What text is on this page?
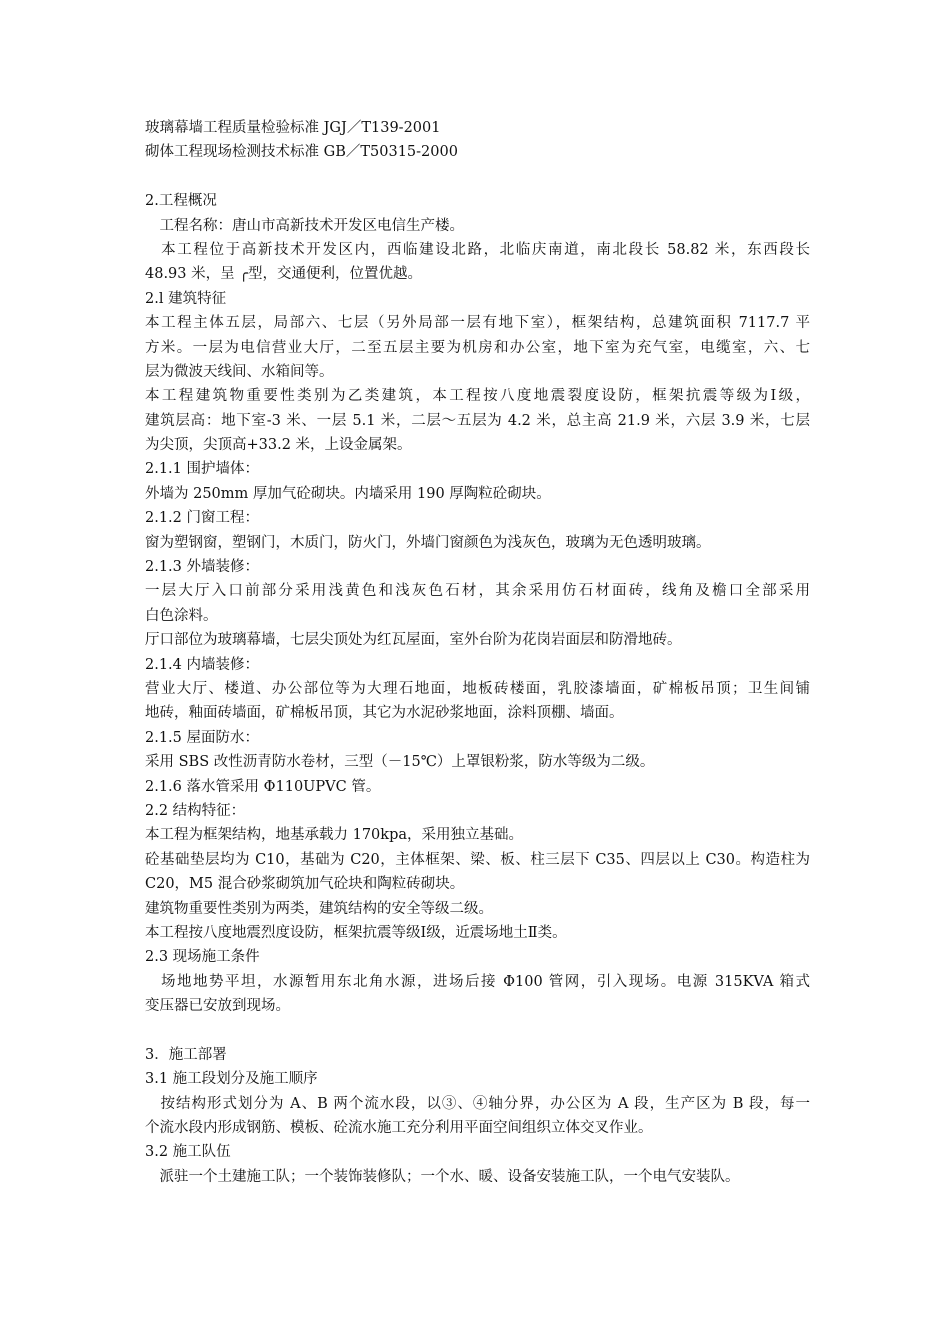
玻璃幕墙工程质量检验标准 JGJ／T139-2001
砌体工程现场检测技术标准 GB／T50315-2000
2.工程概况
　工程名称：唐山市高新技术开发区电信生产楼。
　本工程位于高新技术开发区内，西临建设北路，北临庆南道，南北段长 58.82 米，东西段长
48.93 米，呈 ╭型，交通便利，位置优越。
2.l 建筑特征
本工程主体五层，局部六、七层（另外局部一层有地下室），框架结构，总建筑面积 7117.7 平
方米。一层为电信营业大厅，二至五层主要为机房和办公室，地下室为充气室，电缆室，六、七
层为微波天线间、水箱间等。
本工程建筑物重要性类别为乙类建筑，本工程按八度地震裂度设防，框架抗震等级为Ⅰ级，
建筑层高：地下室-3 米、一层 5.1 米，二层～五层为 4.2 米，总主高 21.9 米，六层 3.9 米，七层
为尖顶，尖顶高+33.2 米，上设金属架。
2.1.1 围护墙体：
外墙为 250mm 厚加气砼砌块。内墙采用 190 厚陶粒砼砌块。
2.1.2 门窗工程：
窗为塑钢窗，塑钢门，木质门，防火门，外墙门窗颜色为浅灰色，玻璃为无色透明玻璃。
2.1.3 外墙装修：
一层大厅入口前部分采用浅黄色和浅灰色石材，其余采用仿石材面砖，线角及檐口全部采用
白色涂料。
厅口部位为玻璃幕墙，七层尖顶处为红瓦屋面，室外台阶为花岗岩面层和防滑地砖。
2.1.4 内墙装修：
营业大厅、楼道、办公部位等为大理石地面，地板砖楼面，乳胶漆墙面，矿棉板吊顶；卫生间铺
地砖，釉面砖墙面，矿棉板吊顶，其它为水泥砂浆地面，涂料顶棚、墙面。
2.1.5 屋面防水：
采用 SBS 改性沥青防水卷材，三型（－15℃）上罩银粉浆，防水等级为二级。
2.1.6 落水管采用 Φ110UPVC 管。
2.2 结构特征：
本工程为框架结构，地基承载力 170kpa，采用独立基础。
砼基础垫层均为 C10，基础为 C20，主体框架、梁、板、柱三层下 C35、四层以上 C30。构造柱为
C20，M5 混合砂浆砌筑加气砼块和陶粒砖砌块。
建筑物重要性类别为两类，建筑结构的安全等级二级。
本工程按八度地震烈度设防，框架抗震等级Ⅰ级，近震场地土Ⅱ类。
2.3 现场施工条件
　场地地势平坦，水源暂用东北角水源，进场后接 Φ100 管网，引入现场。电源 315KVA 箱式
变压器已安放到现场。
3．施工部署
3.1 施工段划分及施工顺序
　按结构形式划分为 A、B 两个流水段，以③、④轴分界，办公区为 A 段，生产区为 B 段，每一
个流水段内形成钢筋、模板、砼流水施工充分利用平面空间组织立体交叉作业。
3.2 施工队伍
　派驻一个土建施工队；一个装饰装修队；一个水、暖、设备安装施工队，一个电气安装队。
